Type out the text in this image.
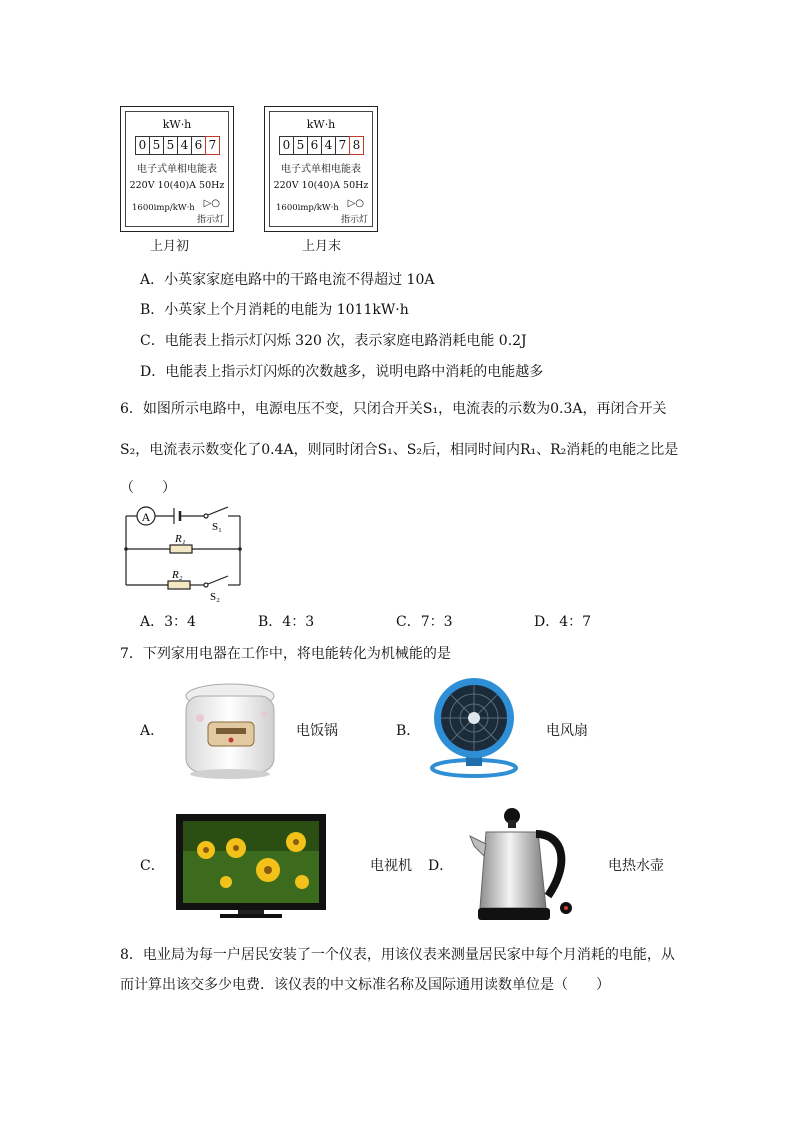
kW·h
0 5 5 4 6 7
电子式单相电能表
220V 10(40)A 50Hz
1600imp/kW·h ▷○
指示灯
上月初
kW·h
0 5 6 4 7 8
电子式单相电能表
220V 10(40)A 50Hz
1600imp/kW·h ▷○
指示灯
上月末
A．小英家家庭电路中的干路电流不得超过 10A
B．小英家上个月消耗的电能为 1011kW·h
C．电能表上指示灯闪烁 320 次，表示家庭电路消耗电能 0.2J
D．电能表上指示灯闪烁的次数越多，说明电路中消耗的电能越多
6．如图所示电路中，电源电压不变，只闭合开关S₁，电流表的示数为0.3A，再闭合开关
S₂，电流表示数变化了0.4A，则同时闭合S₁、S₂后，相同时间内R₁、R₂消耗的电能之比是
（　　）
A
S₁
R₁
R₂
S₂
A．3：4	B．4：3	C．7：3	D．4：7
7．下列家用电器在工作中，将电能转化为机械能的是
A．	电饭锅	B．	电风扇
C．	电视机 D．	电热水壶
8．电业局为每一户居民安装了一个仪表，用该仪表来测量居民家中每个月消耗的电能，从
而计算出该交多少电费．该仪表的中文标准名称及国际通用读数单位是（　　）
